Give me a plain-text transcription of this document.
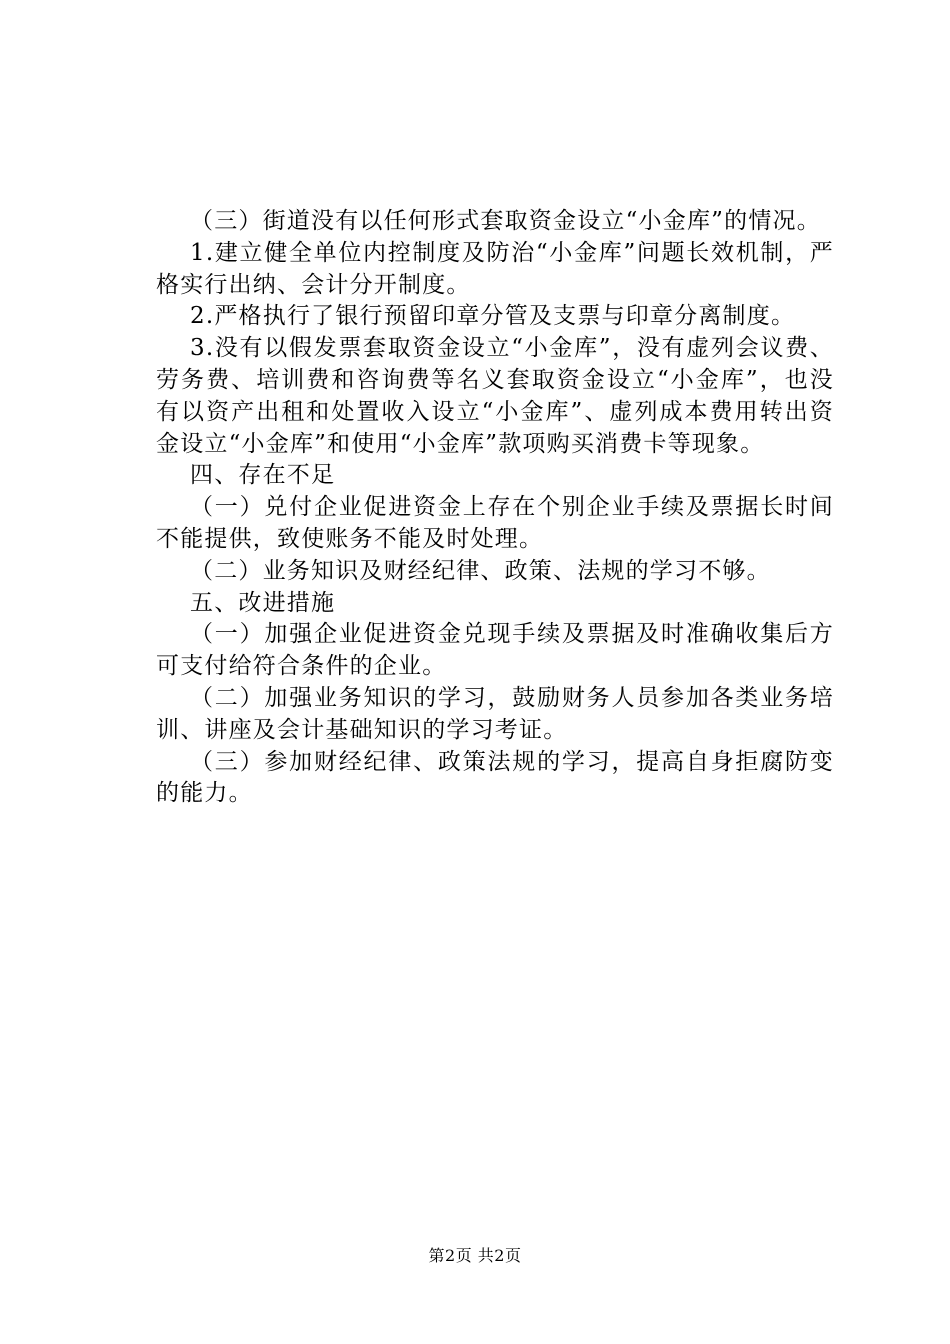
（三）街道没有以任何形式套取资金设立“小金库”的情况。

1.建立健全单位内控制度及防治“小金库”问题长效机制，严格实行出纳、会计分开制度。

2.严格执行了银行预留印章分管及支票与印章分离制度。

3.没有以假发票套取资金设立“小金库”，没有虚列会议费、劳务费、培训费和咨询费等名义套取资金设立“小金库”，也没有以资产出租和处置收入设立“小金库”、虚列成本费用转出资金设立“小金库”和使用“小金库”款项购买消费卡等现象。

四、存在不足

（一）兑付企业促进资金上存在个别企业手续及票据长时间不能提供，致使账务不能及时处理。

（二）业务知识及财经纪律、政策、法规的学习不够。

五、改进措施

（一）加强企业促进资金兑现手续及票据及时准确收集后方可支付给符合条件的企业。

（二）加强业务知识的学习，鼓励财务人员参加各类业务培训、讲座及会计基础知识的学习考证。

（三）参加财经纪律、政策法规的学习，提高自身拒腐防变的能力。

第2页 共2页
